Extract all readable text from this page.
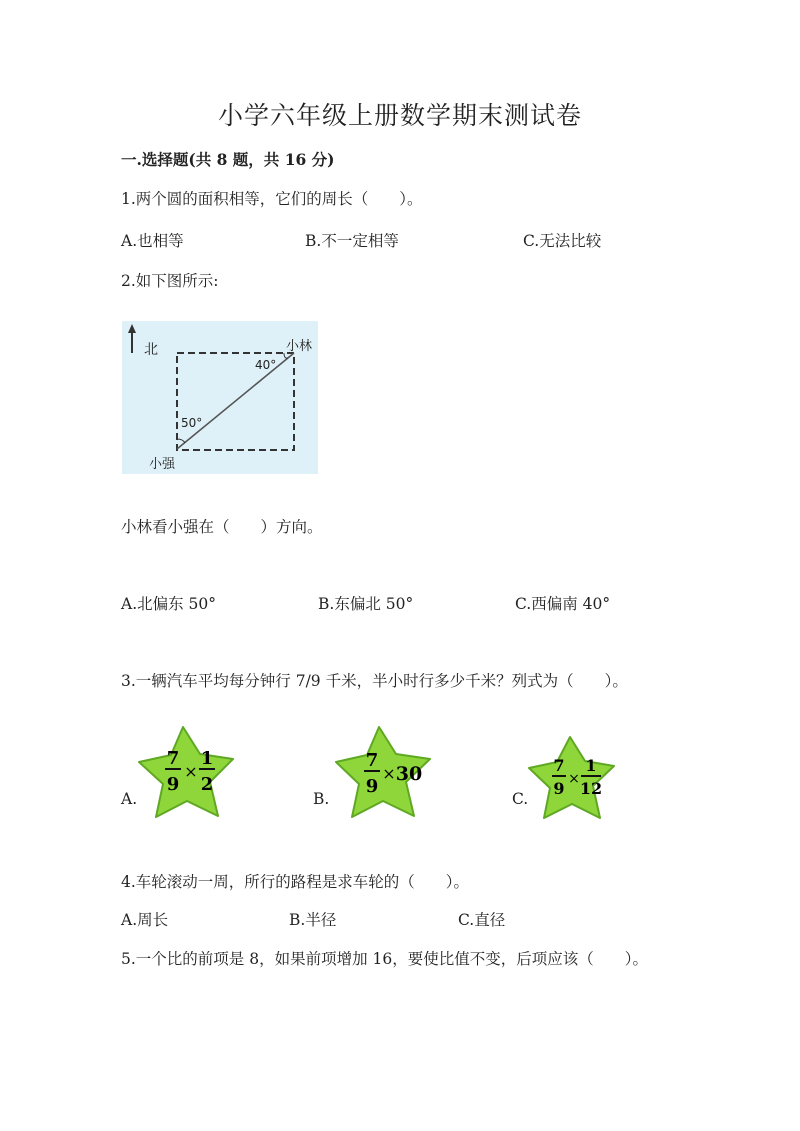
小学六年级上册数学期末测试卷
一.选择题(共 8 题，共 16 分)
1.两个圆的面积相等，它们的周长（　　）。
A.也相等	B.不一定相等	C.无法比较
2.如下图所示:
北	小林
40°
50°
小强
小林看小强在（　　）方向。
A.北偏东 50°	B.东偏北 50°	C.西偏南 40°
3.一辆汽车平均每分钟行 7/9 千米，半小时行多少千米？列式为（　　）。
A.
7
9
×
1
2
B.
7
9
× 30
C.
7
9 ×
1
12
4.车轮滚动一周，所行的路程是求车轮的（　　）。
A.周长	B.半径	C.直径
5.一个比的前项是 8，如果前项增加 16，要使比值不变，后项应该（　　）。
